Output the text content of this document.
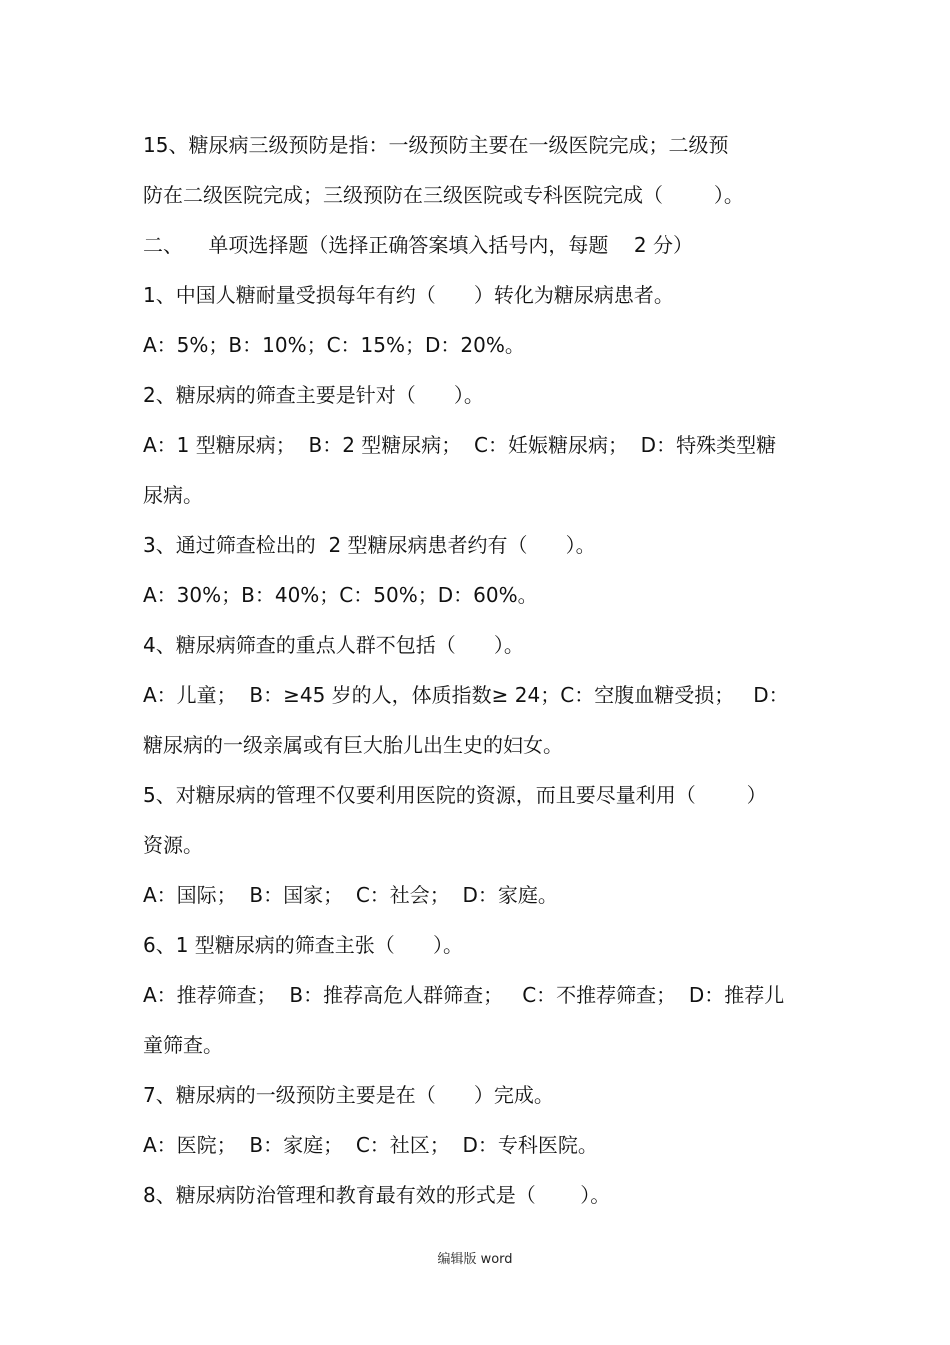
15、糖尿病三级预防是指：一级预防主要在一级医院完成；二级预
防在二级医院完成；三级预防在三级医院或专科医院完成（        ）。
二、    单项选择题（选择正确答案填入括号内，每题    2 分）
1、中国人糖耐量受损每年有约（      ）转化为糖尿病患者。
A：5%；B：10%；C：15%；D：20%。
2、糖尿病的筛查主要是针对（      ）。
A：1 型糖尿病；  B：2 型糖尿病；  C：妊娠糖尿病；  D：特殊类型糖
尿病。
3、通过筛查检出的  2 型糖尿病患者约有（      ）。
A：30%；B：40%；C：50%；D：60%。
4、糖尿病筛查的重点人群不包括（      ）。
A：儿童；  B：≥45 岁的人，体质指数≥ 24；C：空腹血糖受损；   D：
糖尿病的一级亲属或有巨大胎儿出生史的妇女。
5、对糖尿病的管理不仅要利用医院的资源，而且要尽量利用（        ）
资源。
A：国际；  B：国家；  C：社会；  D：家庭。
6、1 型糖尿病的筛查主张（      ）。
A：推荐筛查；  B：推荐高危人群筛查；   C：不推荐筛查；  D：推荐儿
童筛查。
7、糖尿病的一级预防主要是在（      ）完成。
A：医院；  B：家庭；  C：社区；  D：专科医院。
8、糖尿病防治管理和教育最有效的形式是（       ）。
编辑版 word
